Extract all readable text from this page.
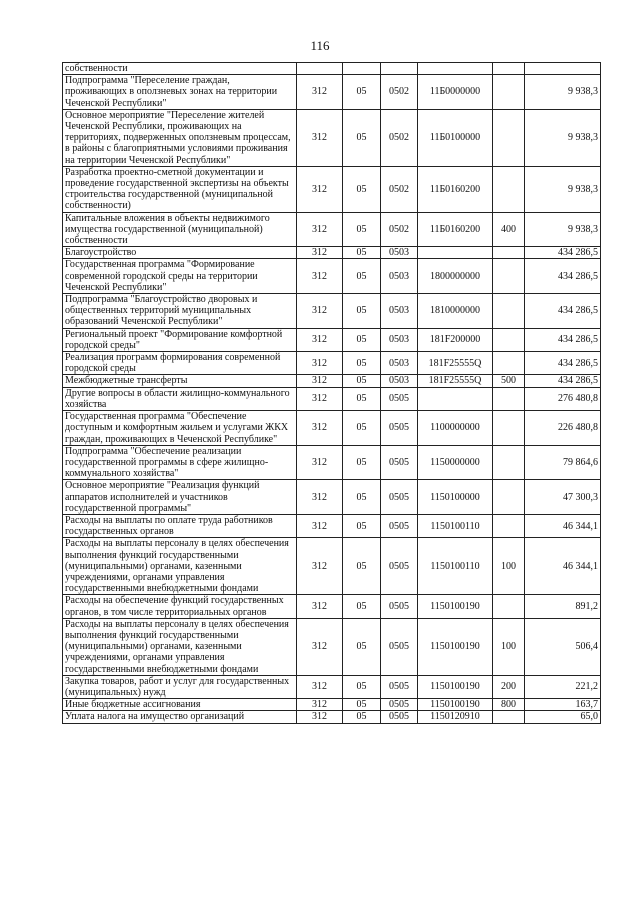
116
собственности						
Подпрограмма "Переселение граждан, проживающих в оползневых зонах на территории Чеченской Республики"	312	05	0502	11Б0000000		9 938,3
Основное мероприятие "Переселение жителей Чеченской Республики, проживающих на территориях, подверженных оползневым процессам, в районы с благоприятными условиями проживания на территории Чеченской Республики"	312	05	0502	11Б0100000		9 938,3
Разработка проектно-сметной документации и проведение государственной экспертизы на объекты строительства государственной (муниципальной собственности)	312	05	0502	11Б0160200		9 938,3
Капитальные вложения в объекты недвижимого имущества государственной (муниципальной) собственности	312	05	0502	11Б0160200	400	9 938,3
Благоустройство	312	05	0503			434 286,5
Государственная программа "Формирование современной городской среды на территории Чеченской Республики"	312	05	0503	1800000000		434 286,5
Подпрограмма "Благоустройство дворовых и общественных территорий муниципальных образований Чеченской Республики"	312	05	0503	1810000000		434 286,5
Региональный проект "Формирование комфортной городской среды"	312	05	0503	181F200000		434 286,5
Реализация программ формирования современной городской среды	312	05	0503	181F25555Q		434 286,5
Межбюджетные трансферты	312	05	0503	181F25555Q	500	434 286,5
Другие вопросы в области жилищно-коммунального хозяйства	312	05	0505			276 480,8
Государственная программа "Обеспечение доступным и комфортным жильем и услугами ЖКХ граждан, проживающих в Чеченской Республике"	312	05	0505	1100000000		226 480,8
Подпрограмма "Обеспечение реализации государственной программы в сфере жилищно-коммунального хозяйства"	312	05	0505	1150000000		79 864,6
Основное мероприятие "Реализация функций аппаратов исполнителей и участников государственной программы"	312	05	0505	1150100000		47 300,3
Расходы на выплаты по оплате труда работников государственных органов	312	05	0505	1150100110		46 344,1
Расходы на выплаты персоналу в целях обеспечения выполнения функций государственными (муниципальными) органами, казенными учреждениями, органами управления государственными внебюджетными фондами	312	05	0505	1150100110	100	46 344,1
Расходы на обеспечение функций государственных органов, в том числе территориальных органов	312	05	0505	1150100190		891,2
Расходы на выплаты персоналу в целях обеспечения выполнения функций государственными (муниципальными) органами, казенными учреждениями, органами управления государственными внебюджетными фондами	312	05	0505	1150100190	100	506,4
Закупка товаров, работ и услуг для государственных (муниципальных) нужд	312	05	0505	1150100190	200	221,2
Иные бюджетные ассигнования	312	05	0505	1150100190	800	163,7
Уплата налога на имущество организаций	312	05	0505	1150120910		65,0
